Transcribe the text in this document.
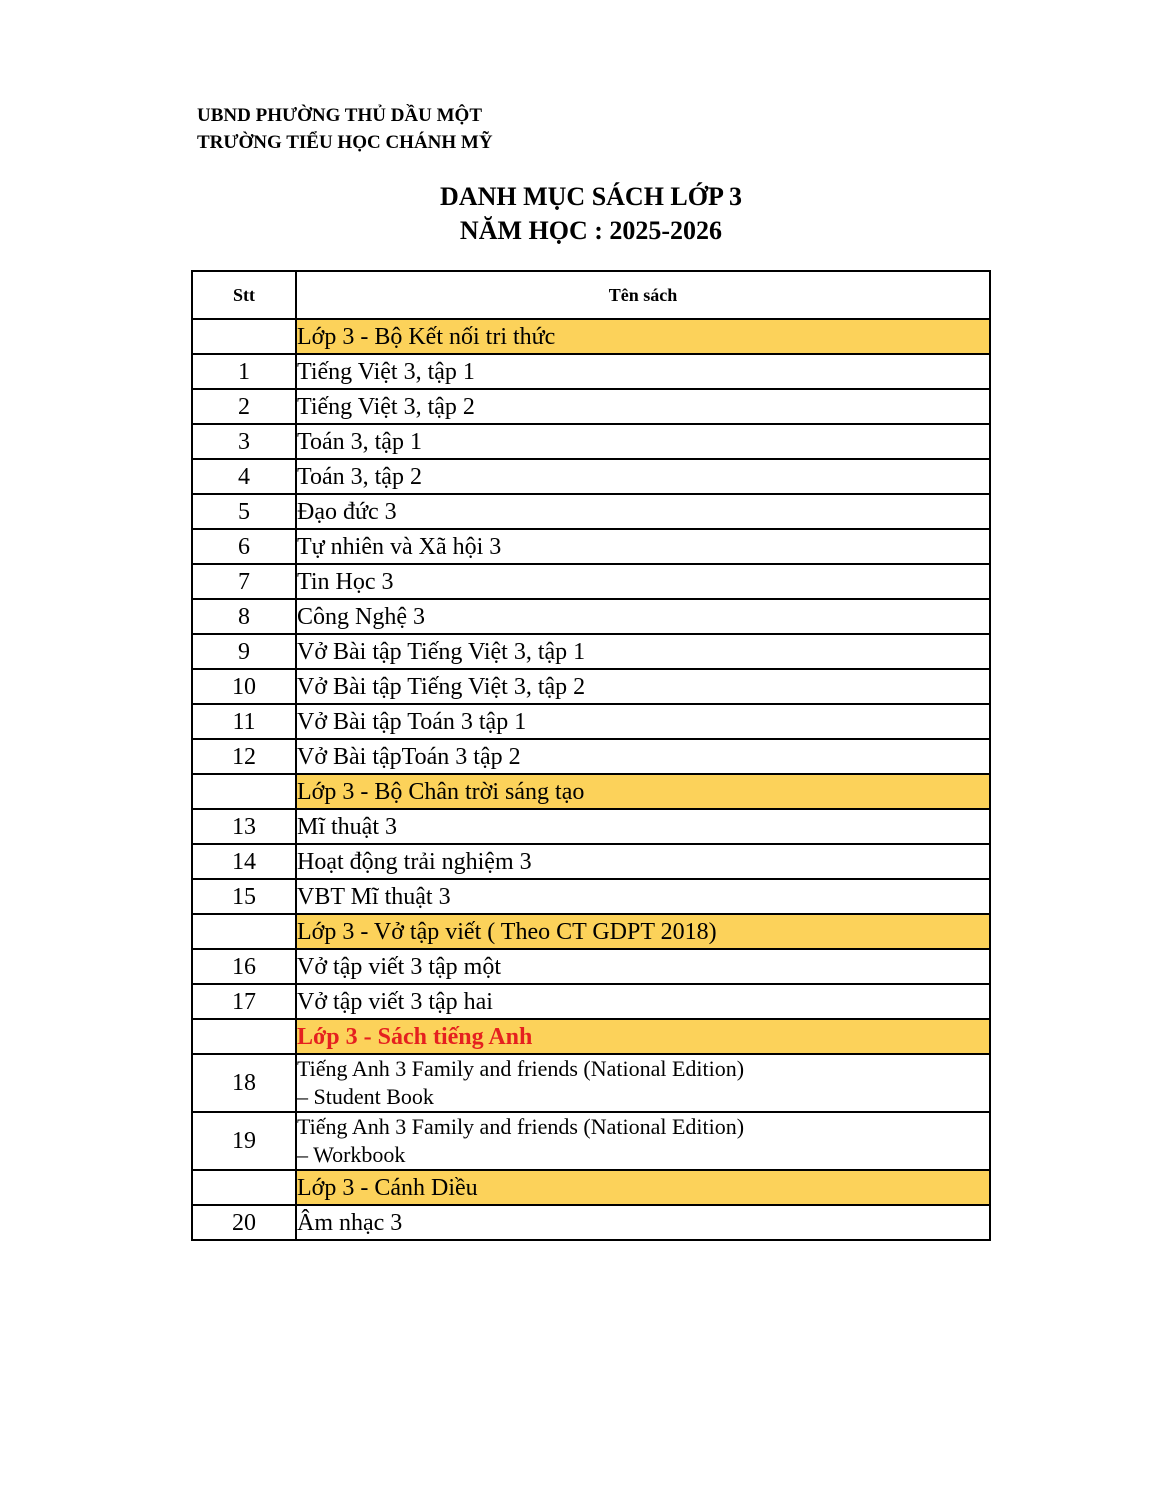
UBND PHƯỜNG THỦ DẦU MỘT
TRƯỜNG TIỂU HỌC CHÁNH MỸ
DANH MỤC SÁCH LỚP 3
NĂM HỌC : 2025-2026
Stt	Tên sách
	Lớp 3 - Bộ Kết nối tri thức
1	Tiếng Việt 3, tập 1
2	Tiếng Việt 3, tập 2
3	Toán 3, tập 1
4	Toán 3, tập 2
5	Đạo đức 3
6	Tự nhiên và Xã hội 3
7	Tin Học 3
8	Công Nghệ 3
9	Vở Bài tập Tiếng Việt 3, tập 1
10	Vở Bài tập Tiếng Việt 3, tập 2
11	Vở Bài tập Toán 3 tập 1
12	Vở Bài tậpToán 3 tập 2
	Lớp 3 - Bộ Chân trời sáng tạo
13	Mĩ thuật 3
14	Hoạt động trải nghiệm 3
15	VBT Mĩ thuật 3
	Lớp 3 - Vở tập viết ( Theo CT GDPT 2018)
16	Vở tập viết 3 tập một
17	Vở tập viết 3 tập hai
	Lớp 3 - Sách tiếng Anh
18	Tiếng Anh 3 Family and friends (National Edition)
– Student Book

19	Tiếng Anh 3 Family and friends (National Edition)
– Workbook

	Lớp 3 - Cánh Diều
20	Âm nhạc 3
